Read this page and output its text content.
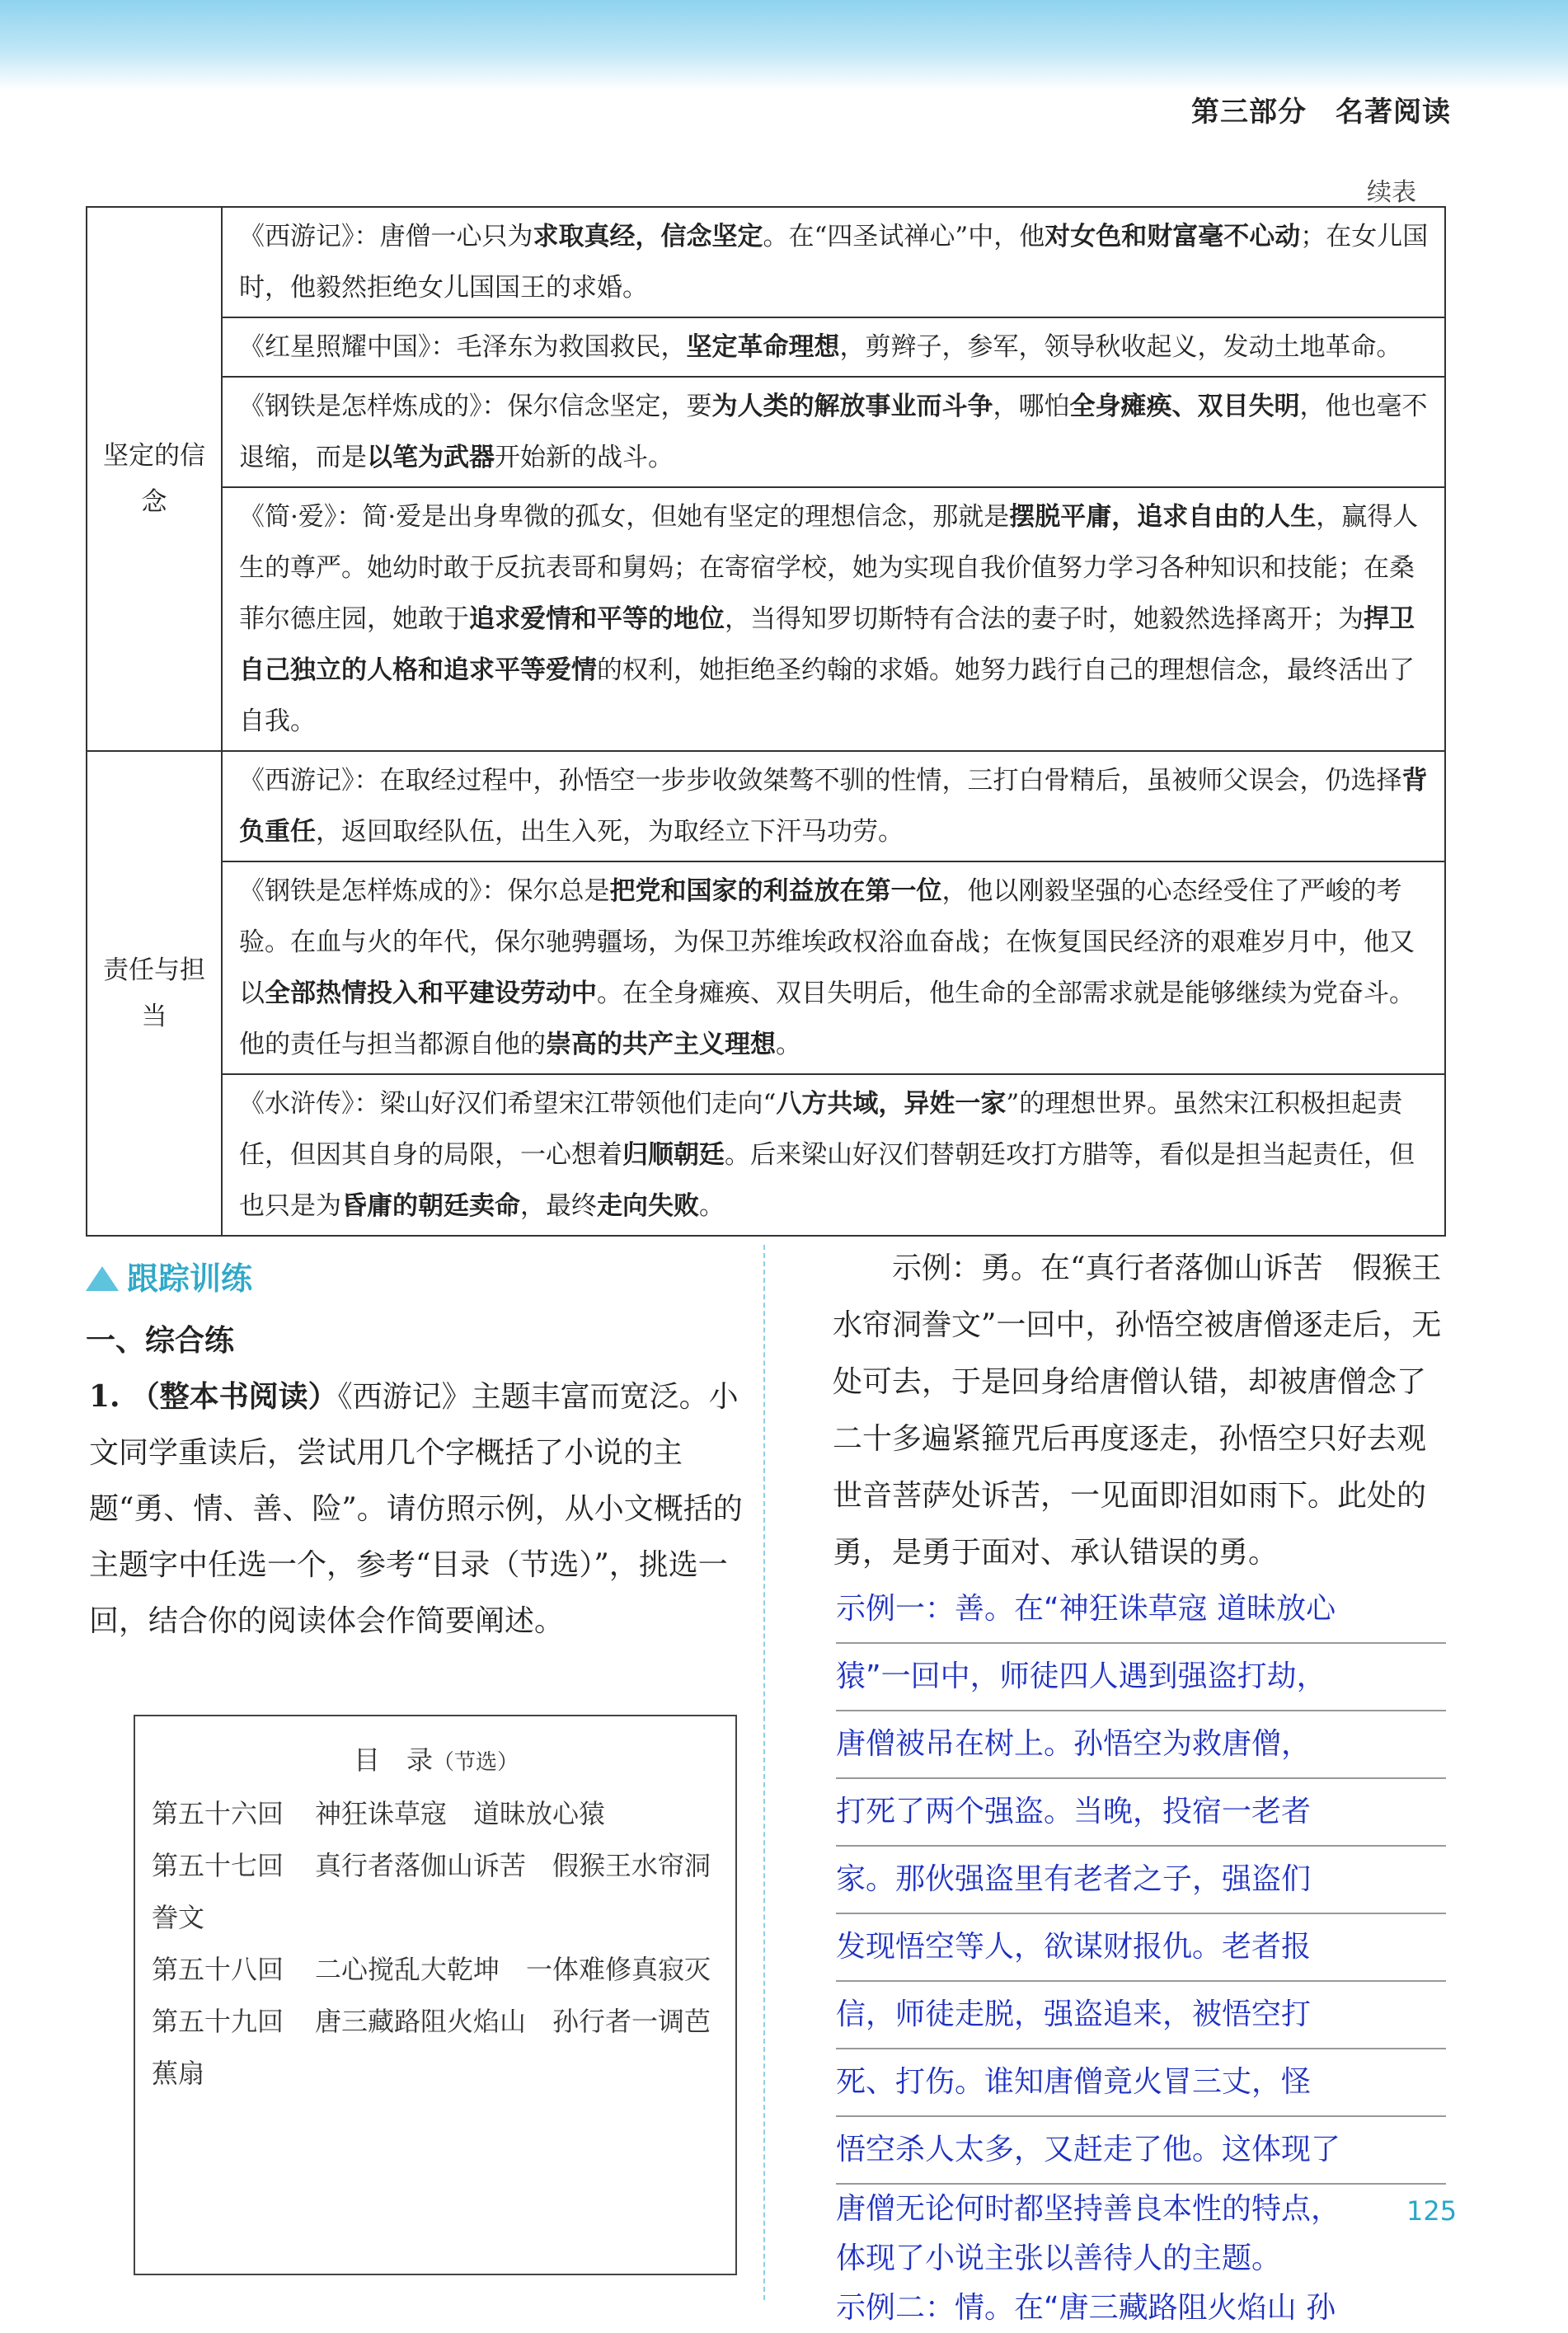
第三部分　名著阅读
续表
坚定的信念	《西游记》：唐僧一心只为求取真经，信念坚定。在“四圣试禅心”中，他对女色和财富毫不心动；在女儿国时，他毅然拒绝女儿国国王的求婚。
	《红星照耀中国》：毛泽东为救国救民，坚定革命理想，剪辫子，参军，领导秋收起义，发动土地革命。
	《钢铁是怎样炼成的》：保尔信念坚定，要为人类的解放事业而斗争，哪怕全身瘫痪、双目失明，他也毫不退缩，而是以笔为武器开始新的战斗。
	《简·爱》：简·爱是出身卑微的孤女，但她有坚定的理想信念，那就是摆脱平庸，追求自由的人生，赢得人生的尊严。她幼时敢于反抗表哥和舅妈；在寄宿学校，她为实现自我价值努力学习各种知识和技能；在桑菲尔德庄园，她敢于追求爱情和平等的地位，当得知罗切斯特有合法的妻子时，她毅然选择离开；为捍卫自己独立的人格和追求平等爱情的权利，她拒绝圣约翰的求婚。她努力践行自己的理想信念，最终活出了自我。
责任与担当	《西游记》：在取经过程中，孙悟空一步步收敛桀骜不驯的性情，三打白骨精后，虽被师父误会，仍选择背负重任，返回取经队伍，出生入死，为取经立下汗马功劳。
	《钢铁是怎样炼成的》：保尔总是把党和国家的利益放在第一位，他以刚毅坚强的心态经受住了严峻的考验。在血与火的年代，保尔驰骋疆场，为保卫苏维埃政权浴血奋战；在恢复国民经济的艰难岁月中，他又以全部热情投入和平建设劳动中。在全身瘫痪、双目失明后，他生命的全部需求就是能够继续为党奋斗。他的责任与担当都源自他的崇高的共产主义理想。
	《水浒传》：梁山好汉们希望宋江带领他们走向“八方共域，异姓一家”的理想世界。虽然宋江积极担起责任，但因其自身的局限，一心想着归顺朝廷。后来梁山好汉们替朝廷攻打方腊等，看似是担当起责任，但也只是为昏庸的朝廷卖命，最终走向失败。
跟踪训练
一、综合练
1. （整本书阅读）《西游记》主题丰富而宽泛。小文同学重读后，尝试用几个字概括了小说的主题“勇、情、善、险”。请仿照示例，从小文概括的主题字中任选一个，参考“目录（节选）”，挑选一回，结合你的阅读体会作简要阐述。
目　录（节选）
第五十六回 神狂诛草寇　道昧放心猿
第五十七回 真行者落伽山诉苦　假猴王水帘洞誊文
第五十八回 二心搅乱大乾坤　一体难修真寂灭
第五十九回 唐三藏路阻火焰山　孙行者一调芭蕉扇
示例：勇。在“真行者落伽山诉苦　假猴王水帘洞誊文”一回中，孙悟空被唐僧逐走后，无处可去，于是回身给唐僧认错，却被唐僧念了二十多遍紧箍咒后再度逐走，孙悟空只好去观世音菩萨处诉苦，一见面即泪如雨下。此处的勇，是勇于面对、承认错误的勇。
示例一：善。在“神狂诛草寇 道昧放心
猿”一回中，师徒四人遇到强盗打劫，
唐僧被吊在树上。孙悟空为救唐僧，
打死了两个强盗。当晚，投宿一老者
家。那伙强盗里有老者之子，强盗们
发现悟空等人，欲谋财报仇。老者报
信，师徒走脱，强盗追来，被悟空打
死、打伤。谁知唐僧竟火冒三丈，怪
悟空杀人太多，又赶走了他。这体现了
唐僧无论何时都坚持善良本性的特点，
体现了小说主张以善待人的主题。
示例二：情。在“唐三藏路阻火焰山 孙
125
